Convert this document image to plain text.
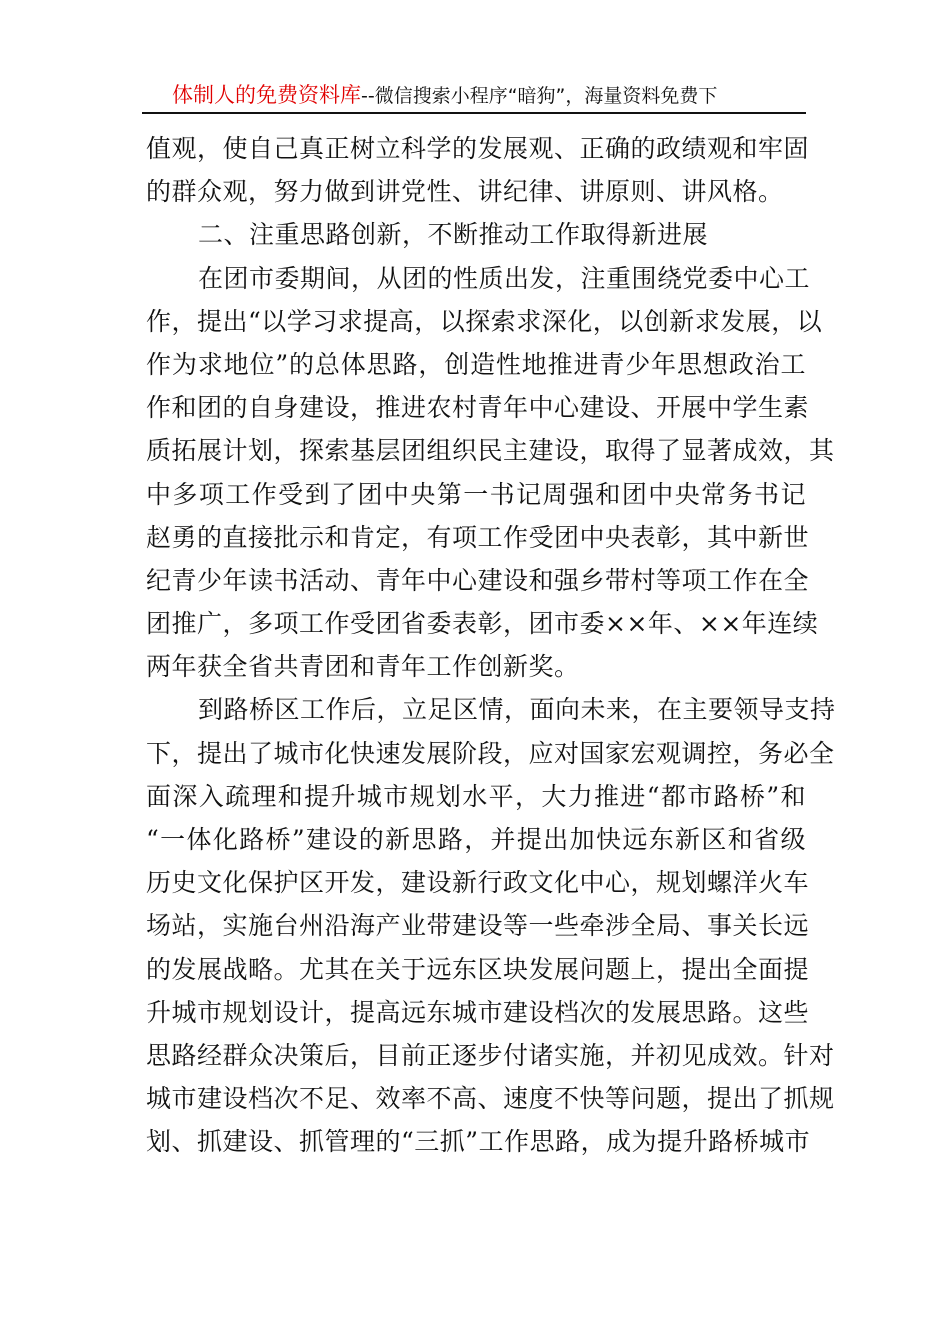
体制人的免费资料库--微信搜索小程序“暗狗”，海量资料免费下
值观，使自己真正树立科学的发展观、正确的政绩观和牢固
的群众观，努力做到讲党性、讲纪律、讲原则、讲风格。
二、注重思路创新，不断推动工作取得新进展
在团市委期间，从团的性质出发，注重围绕党委中心工
作，提出“以学习求提高，以探索求深化，以创新求发展，以
作为求地位”的总体思路，创造性地推进青少年思想政治工
作和团的自身建设，推进农村青年中心建设、开展中学生素
质拓展计划，探索基层团组织民主建设，取得了显著成效，其
中多项工作受到了团中央第一书记周强和团中央常务书记
赵勇的直接批示和肯定，有项工作受团中央表彰，其中新世
纪青少年读书活动、青年中心建设和强乡带村等项工作在全
团推广，多项工作受团省委表彰，团市委××年、××年连续
两年获全省共青团和青年工作创新奖。
到路桥区工作后，立足区情，面向未来，在主要领导支持
下，提出了城市化快速发展阶段，应对国家宏观调控，务必全
面深入疏理和提升城市规划水平，大力推进“都市路桥”和
“一体化路桥”建设的新思路，并提出加快远东新区和省级
历史文化保护区开发，建设新行政文化中心，规划螺洋火车
场站，实施台州沿海产业带建设等一些牵涉全局、事关长远
的发展战略。尤其在关于远东区块发展问题上，提出全面提
升城市规划设计，提高远东城市建设档次的发展思路。这些
思路经群众决策后，目前正逐步付诸实施，并初见成效。针对
城市建设档次不足、效率不高、速度不快等问题，提出了抓规
划、抓建设、抓管理的“三抓”工作思路，成为提升路桥城市
